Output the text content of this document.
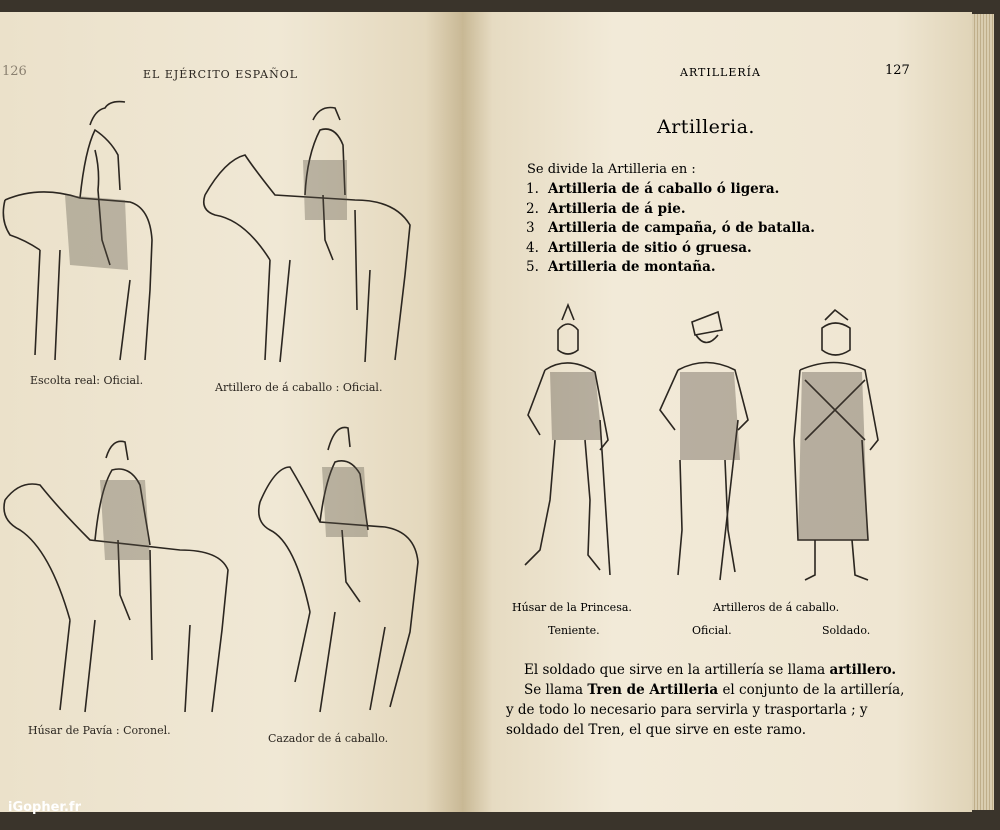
126	EL EJÉRCITO ESPAÑOL
Escolta real: Oficial.
Artillero de á caballo : Oficial.
Húsar de Pavía : Coronel.
Cazador de á caballo.
ARTILLERÍA	127
Artilleria.
Se divide la Artilleria en :
1. Artilleria de á caballo ó ligera.
2. Artilleria de á pie.
3 Artilleria de campaña, ó de batalla.
4. Artilleria de sitio ó gruesa.
5. Artilleria de montaña.
Húsar de la Princesa.	Artilleros de á caballo.
Teniente.	Oficial.	Soldado.

El soldado que sirve en la artillería se llama artillero.

Se llama Tren de Artilleria el conjunto de la artillería, y de todo lo necesario para servirla y trasportarla ; y soldado del Tren, el que sirve en este ramo.

iGopher.fr
